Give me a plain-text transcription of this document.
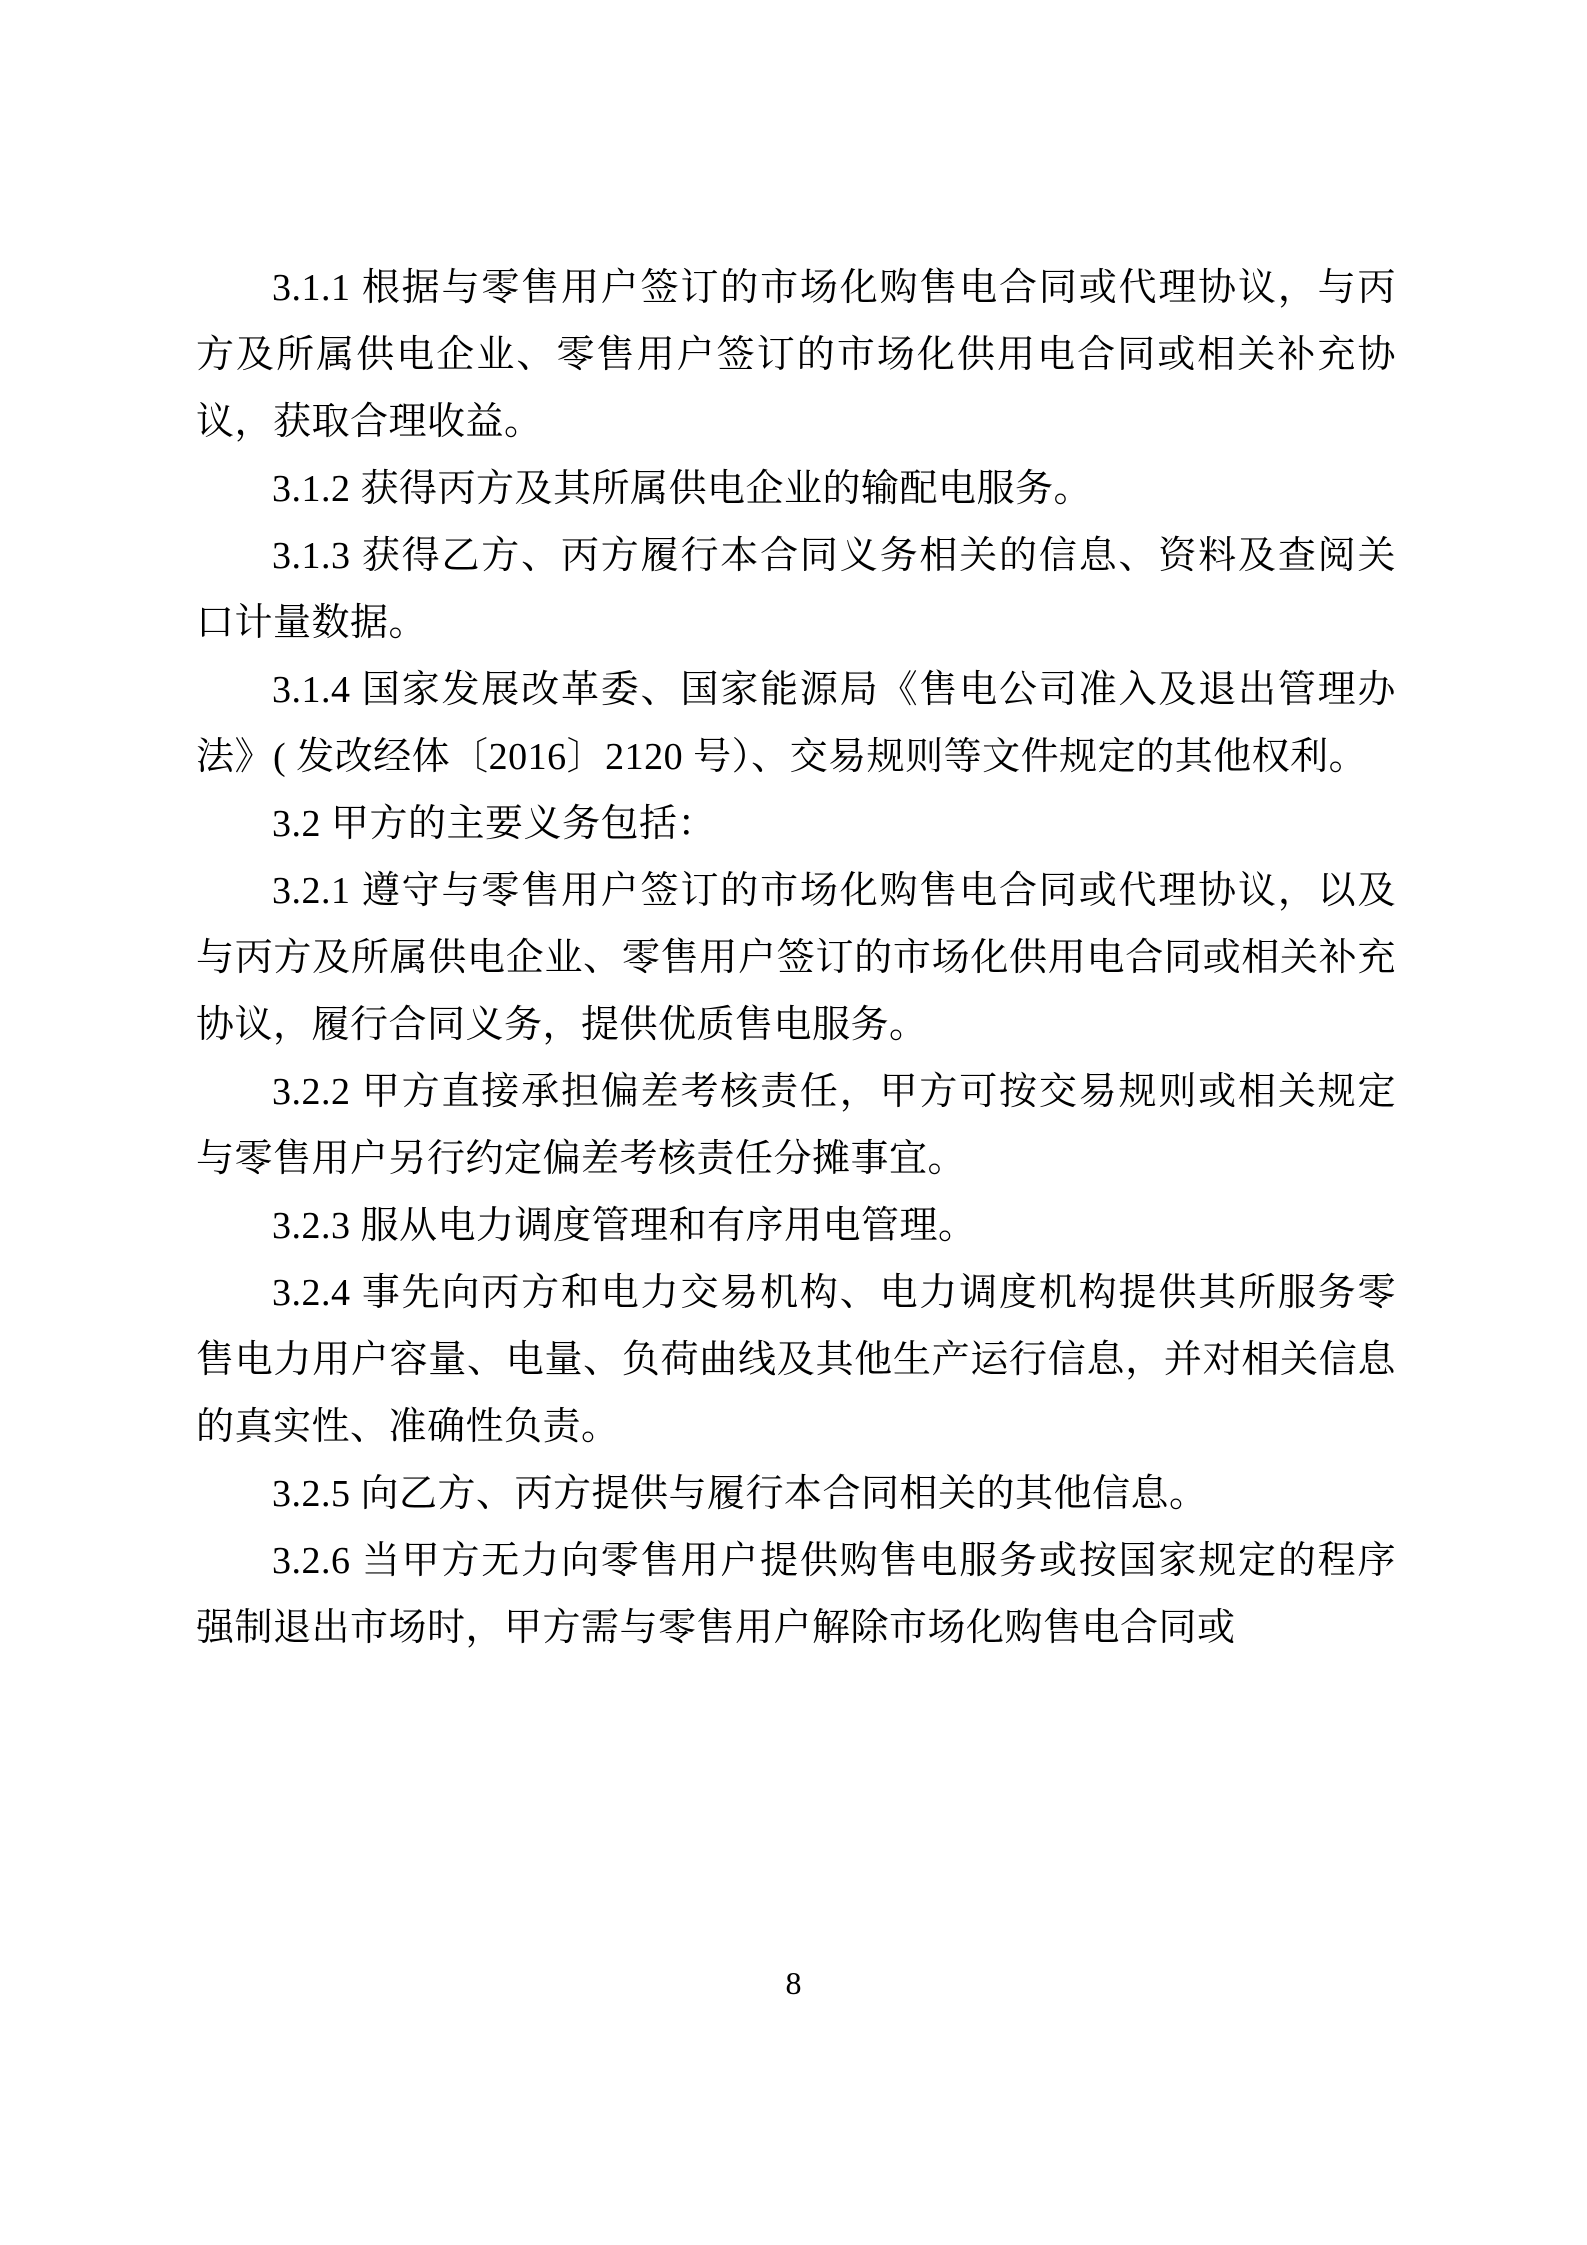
3.1.1 根据与零售用户签订的市场化购售电合同或代理协议，与丙方及所属供电企业、零售用户签订的市场化供用电合同或相关补充协议，获取合理收益。

3.1.2 获得丙方及其所属供电企业的输配电服务。

3.1.3 获得乙方、丙方履行本合同义务相关的信息、资料及查阅关口计量数据。

3.1.4 国家发展改革委、国家能源局《售电公司准入及退出管理办法》( 发改经体〔2016〕2120 号）、交易规则等文件规定的其他权利。

3.2 甲方的主要义务包括：

3.2.1 遵守与零售用户签订的市场化购售电合同或代理协议，以及与丙方及所属供电企业、零售用户签订的市场化供用电合同或相关补充协议，履行合同义务，提供优质售电服务。

3.2.2 甲方直接承担偏差考核责任，甲方可按交易规则或相关规定与零售用户另行约定偏差考核责任分摊事宜。

3.2.3 服从电力调度管理和有序用电管理。

3.2.4 事先向丙方和电力交易机构、电力调度机构提供其所服务零售电力用户容量、电量、负荷曲线及其他生产运行信息，并对相关信息的真实性、准确性负责。

3.2.5 向乙方、丙方提供与履行本合同相关的其他信息。

3.2.6 当甲方无力向零售用户提供购售电服务或按国家规定的程序强制退出市场时，甲方需与零售用户解除市场化购售电合同或

8
